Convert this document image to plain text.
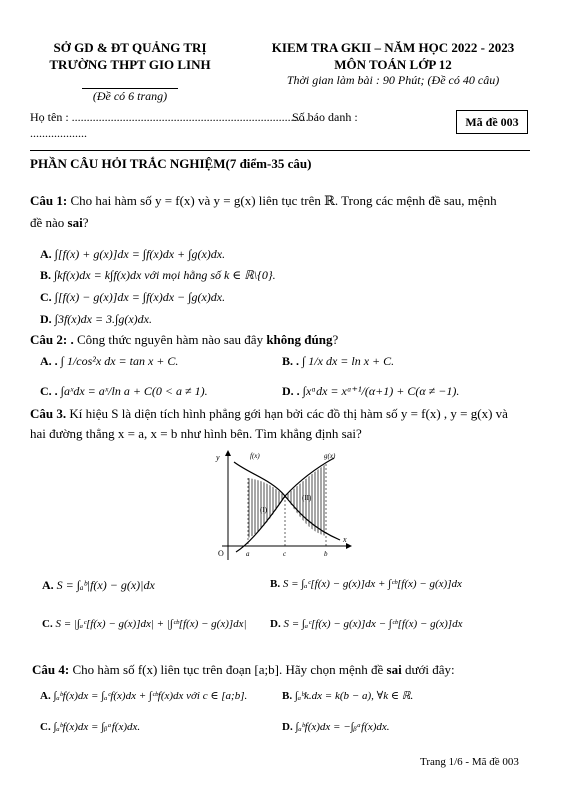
SỞ GD & ĐT QUẢNG TRỊ
TRƯỜNG THPT GIO LINH
(Đề có 6 trang)
KIEM TRA GKII – NĂM HỌC 2022 - 2023
MÔN TOÁN LỚP 12
Thời gian làm bài : 90 Phút; (Đề có 40 câu)
Họ tên : ...............................................................................
Số báo danh :
...................
Mã đề 003
PHẦN CÂU HỎI TRẮC NGHIỆM(7 điểm-35 câu)
Câu 1: Cho hai hàm số y = f(x) và y = g(x) liên tục trên ℝ. Trong các mệnh đề sau, mệnh
đề nào sai?
A. ∫[f(x) + g(x)]dx = ∫f(x)dx + ∫g(x)dx.
B. ∫kf(x)dx = k∫f(x)dx với mọi hằng số k ∈ ℝ\{0}.
C. ∫[f(x) − g(x)]dx = ∫f(x)dx − ∫g(x)dx.
D. ∫3f(x)dx = 3.∫g(x)dx.
Câu 2: . Công thức nguyên hàm nào sau đây không đúng?
A. . ∫ 1/cos²x dx = tan x + C.	B. . ∫ 1/x dx = ln x + C.
C. . ∫aˣdx = aˣ/ln a + C(0 < a ≠ 1).	D. . ∫xᵅdx = xᵅ⁺¹/(α+1) + C(α ≠ −1).
Câu 3. Kí hiệu S là diện tích hình phẳng gới hạn bởi các đồ thị hàm số y = f(x) , y = g(x) và
hai đường thẳng x = a, x = b như hình bên. Tìm khẳng định sai?
y
x
O
f(x)	g(x)
a	c	b
(I)
(II)
A. S = ∫ₐᵇ|f(x) − g(x)|dx	B. S = ∫ₐᶜ[f(x) − g(x)]dx + ∫ᶜᵇ[f(x) − g(x)]dx
C. S = |∫ₐᶜ[f(x) − g(x)]dx| + |∫ᶜᵇ[f(x) − g(x)]dx| D. S = ∫ₐᶜ[f(x) − g(x)]dx − ∫ᶜᵇ[f(x) − g(x)]dx
Câu 4: Cho hàm số f(x) liên tục trên đoạn [a;b]. Hãy chọn mệnh đề sai dưới đây:
A. ∫ₐᵇf(x)dx = ∫ₐᶜf(x)dx + ∫ᶜᵇf(x)dx với c ∈ [a;b].	B. ∫ₐᵇk.dx = k(b − a), ∀k ∈ ℝ.
C. ∫ₐᵇf(x)dx = ∫ᵦᵃf(x)dx.	D. ∫ₐᵇf(x)dx = −∫ᵦᵃf(x)dx.
Trang 1/6 - Mã đề 003
